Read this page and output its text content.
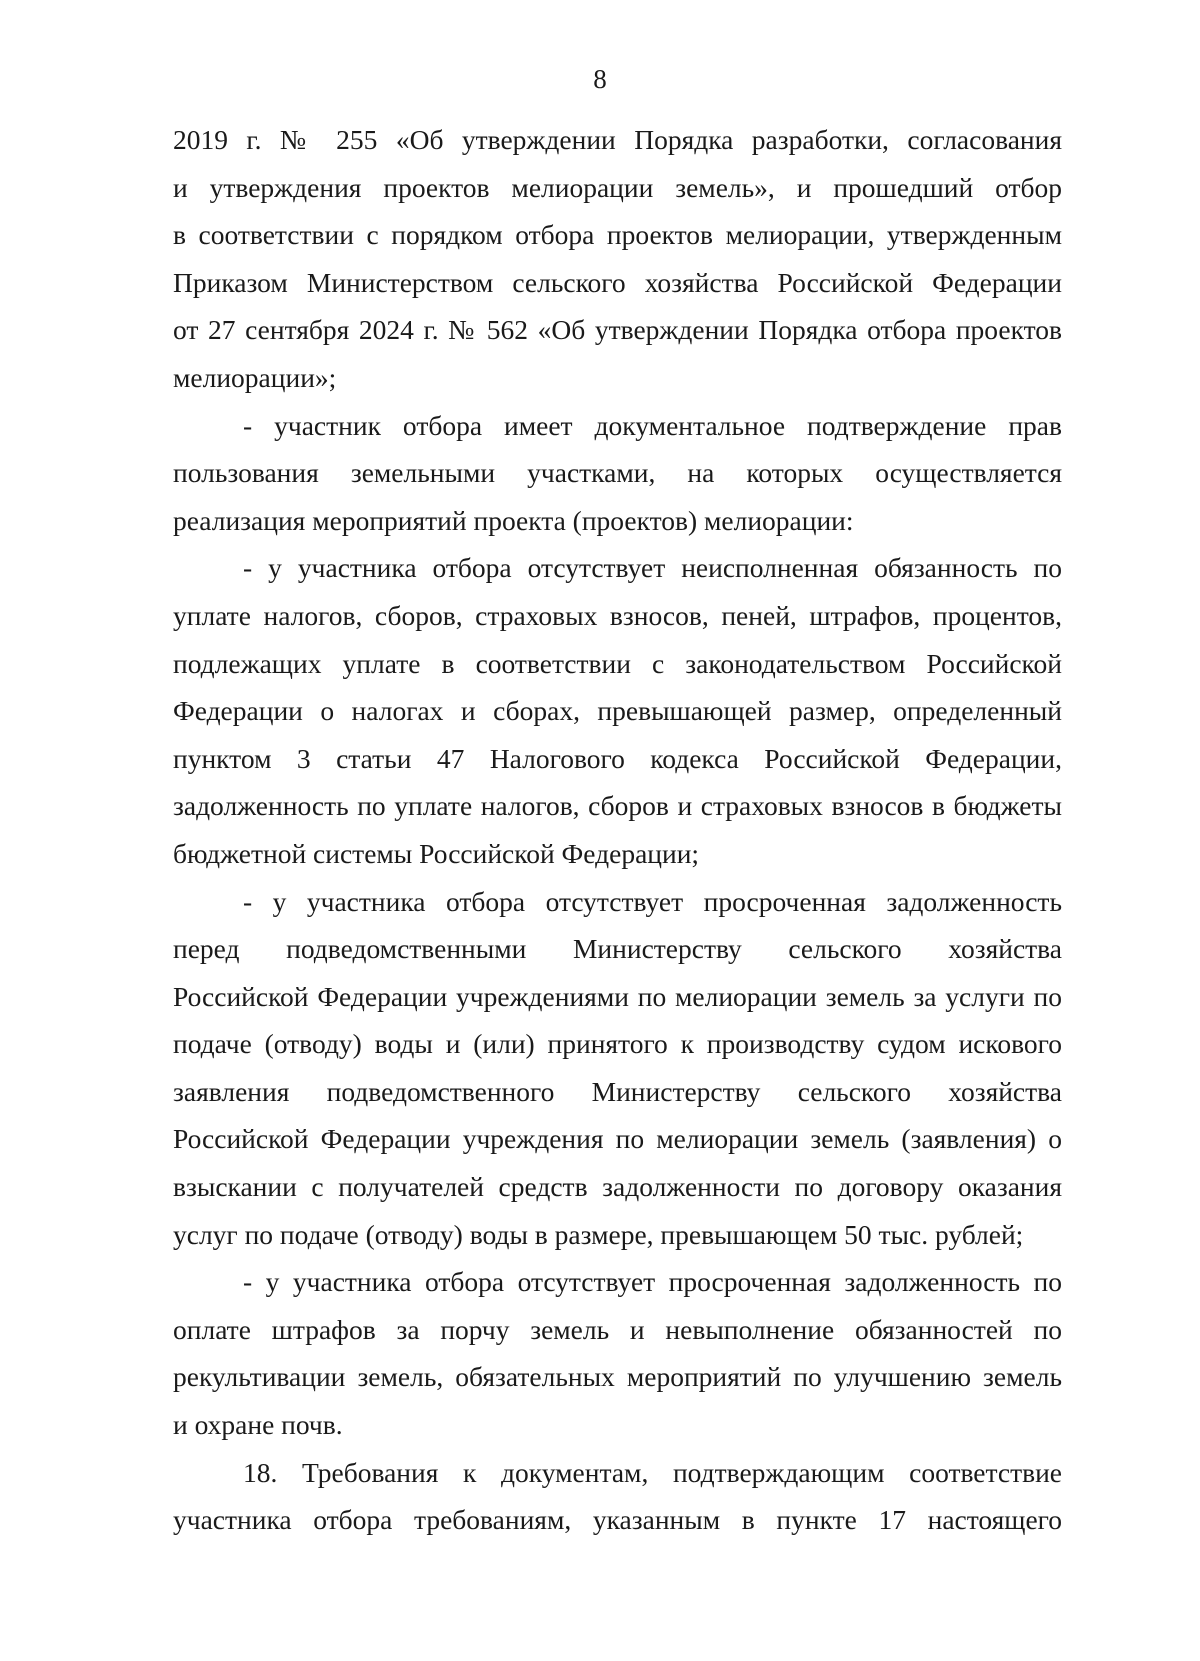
8
2019 г. № 255 «Об утверждении Порядка разработки, согласования
и утверждения проектов мелиорации земель», и прошедший отбор
в соответствии с порядком отбора проектов мелиорации, утвержденным
Приказом Министерством сельского хозяйства Российской Федерации
от 27 сентября 2024 г. № 562 «Об утверждении Порядка отбора проектов
мелиорации»;
- участник отбора имеет документальное подтверждение прав
пользования земельными участками, на которых осуществляется
реализация мероприятий проекта (проектов) мелиорации:
- у участника отбора отсутствует неисполненная обязанность по
уплате налогов, сборов, страховых взносов, пеней, штрафов, процентов,
подлежащих уплате в соответствии с законодательством Российской
Федерации о налогах и сборах, превышающей размер, определенный
пунктом 3 статьи 47 Налогового кодекса Российской Федерации,
задолженность по уплате налогов, сборов и страховых взносов в бюджеты
бюджетной системы Российской Федерации;
- у участника отбора отсутствует просроченная задолженность
перед подведомственными Министерству сельского хозяйства
Российской Федерации учреждениями по мелиорации земель за услуги по
подаче (отводу) воды и (или) принятого к производству судом искового
заявления подведомственного Министерству сельского хозяйства
Российской Федерации учреждения по мелиорации земель (заявления) о
взыскании с получателей средств задолженности по договору оказания
услуг по подаче (отводу) воды в размере, превышающем 50 тыс. рублей;
- у участника отбора отсутствует просроченная задолженность по
оплате штрафов за порчу земель и невыполнение обязанностей по
рекультивации земель, обязательных мероприятий по улучшению земель
и охране почв.
18. Требования к документам, подтверждающим соответствие
участника отбора требованиям, указанным в пункте 17 настоящего
